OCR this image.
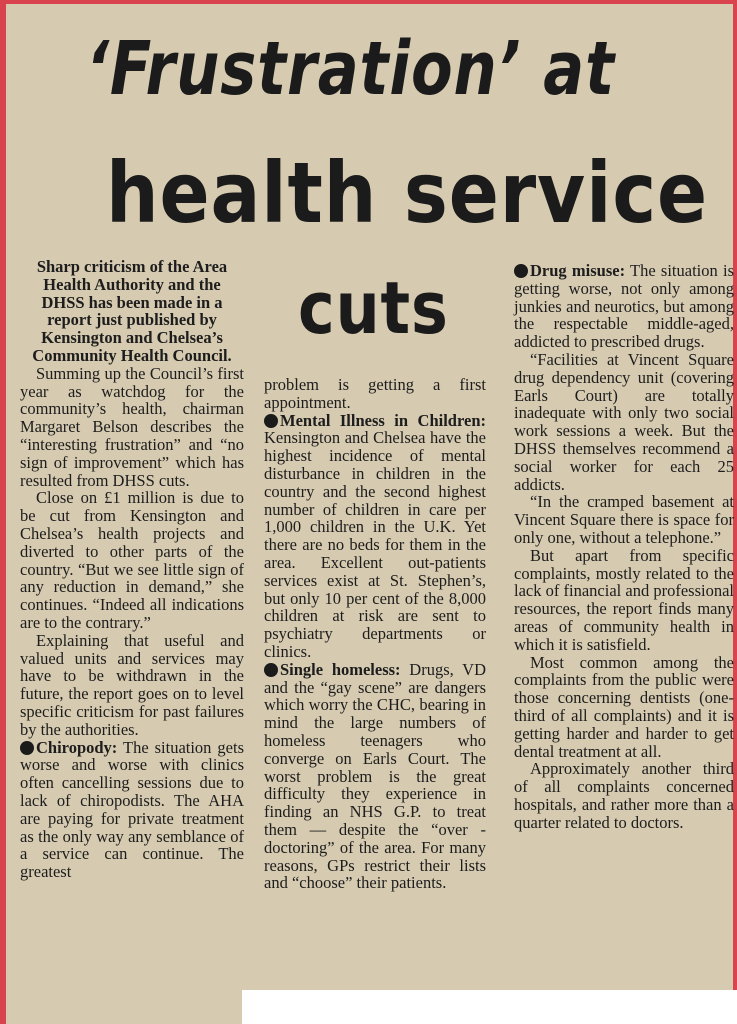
‘Frustration’ at
health service
cuts

Sharp criticism of the Area Health Authority and the DHSS has been made in a report just published by Kensington and Chelsea’s Community Health Council.

Summing up the Council’s first year as watchdog for the community’s health, chairman Margaret Belson describes the “interesting frustration” and “no sign of improvement” which has resulted from DHSS cuts.

Close on £1 million is due to be cut from Kensington and Chelsea’s health projects and diverted to other parts of the country. “But we see little sign of any reduction in demand,” she continues. “Indeed all indications are to the contrary.”

Explaining that useful and valued units and services may have to be withdrawn in the future, the report goes on to level specific criticism for past failures by the authorities.

Chiropody: The situation gets worse and worse with clinics often cancelling sessions due to lack of chiropodists. The AHA are paying for private treatment as the only way any semblance of a service can continue. The greatest

problem is getting a first appointment.

Mental Illness in Children: Kensington and Chelsea have the highest incidence of mental disturbance in children in the country and the second highest number of children in care per 1,000 children in the U.K. Yet there are no beds for them in the area. Excellent out-patients services exist at St. Stephen’s, but only 10 per cent of the 8,000 children at risk are sent to psychiatry departments or clinics.

Single homeless: Drugs, VD and the “gay scene” are dangers which worry the CHC, bearing in mind the large numbers of homeless teenagers who converge on Earls Court. The worst problem is the great difficulty they experience in finding an NHS G.P. to treat them — despite the “over - doctoring” of the area. For many reasons, GPs restrict their lists and “choose” their patients.

Drug misuse: The situation is getting worse, not only among junkies and neurotics, but among the respectable middle-aged, addicted to prescribed drugs.

“Facilities at Vincent Square drug dependency unit (covering Earls Court) are totally inadequate with only two social work sessions a week. But the DHSS themselves recommend a social worker for each 25 addicts.

“In the cramped basement at Vincent Square there is space for only one, without a telephone.”

But apart from specific complaints, mostly related to the lack of financial and professional resources, the report finds many areas of community health in which it is satisfield.

Most common among the complaints from the public were those concerning dentists (one-third of all complaints) and it is getting harder and harder to get dental treatment at all.

Approximately another third of all complaints concerned hospitals, and rather more than a quarter related to doctors.
